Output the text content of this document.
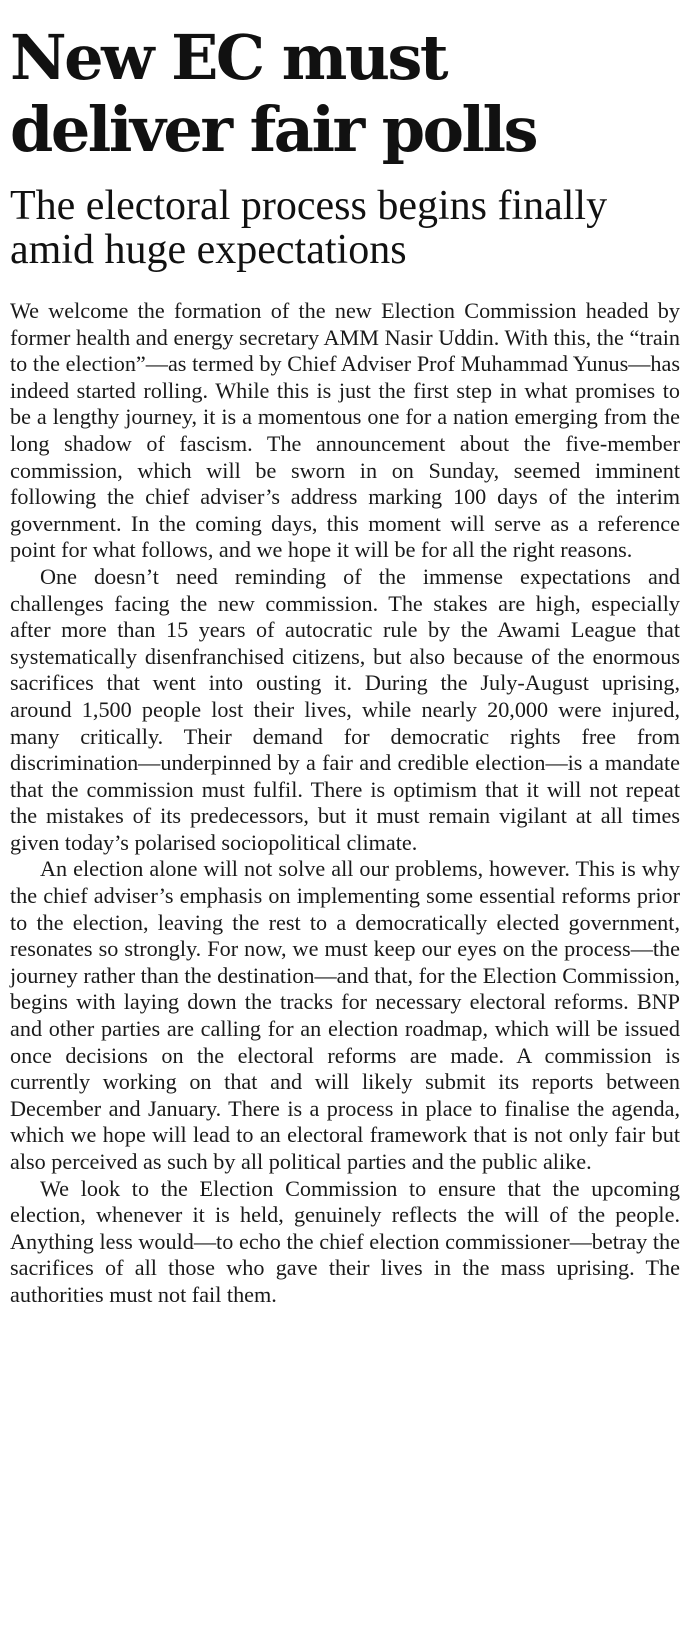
New EC must deliver fair polls
The electoral process begins finally amid huge expectations

We welcome the formation of the new Election Commission headed by former health and energy secretary AMM Nasir Uddin. With this, the “train to the election”—as termed by Chief Adviser Prof Muhammad Yunus—has indeed started rolling. While this is just the first step in what promises to be a lengthy journey, it is a momentous one for a nation emerging from the long shadow of fascism. The announcement about the five-member commission, which will be sworn in on Sunday, seemed imminent following the chief adviser’s address marking 100 days of the interim government. In the coming days, this moment will serve as a reference point for what follows, and we hope it will be for all the right reasons.

One doesn’t need reminding of the immense expectations and challenges facing the new commission. The stakes are high, especially after more than 15 years of autocratic rule by the Awami League that systematically disenfranchised citizens, but also because of the enormous sacrifices that went into ousting it. During the July-August uprising, around 1,500 people lost their lives, while nearly 20,000 were injured, many critically. Their demand for democratic rights free from discrimination—underpinned by a fair and credible election—is a mandate that the commission must fulfil. There is optimism that it will not repeat the mistakes of its predecessors, but it must remain vigilant at all times given today’s polarised sociopolitical climate.

An election alone will not solve all our problems, however. This is why the chief adviser’s emphasis on implementing some essential reforms prior to the election, leaving the rest to a democratically elected government, resonates so strongly. For now, we must keep our eyes on the process—the journey rather than the destination—and that, for the Election Commission, begins with laying down the tracks for necessary electoral reforms. BNP and other parties are calling for an election roadmap, which will be issued once decisions on the electoral reforms are made. A commission is currently working on that and will likely submit its reports between December and January. There is a process in place to finalise the agenda, which we hope will lead to an electoral framework that is not only fair but also perceived as such by all political parties and the public alike.

We look to the Election Commission to ensure that the upcoming election, whenever it is held, genuinely reflects the will of the people. Anything less would—to echo the chief election commissioner—betray the sacrifices of all those who gave their lives in the mass uprising. The authorities must not fail them.
